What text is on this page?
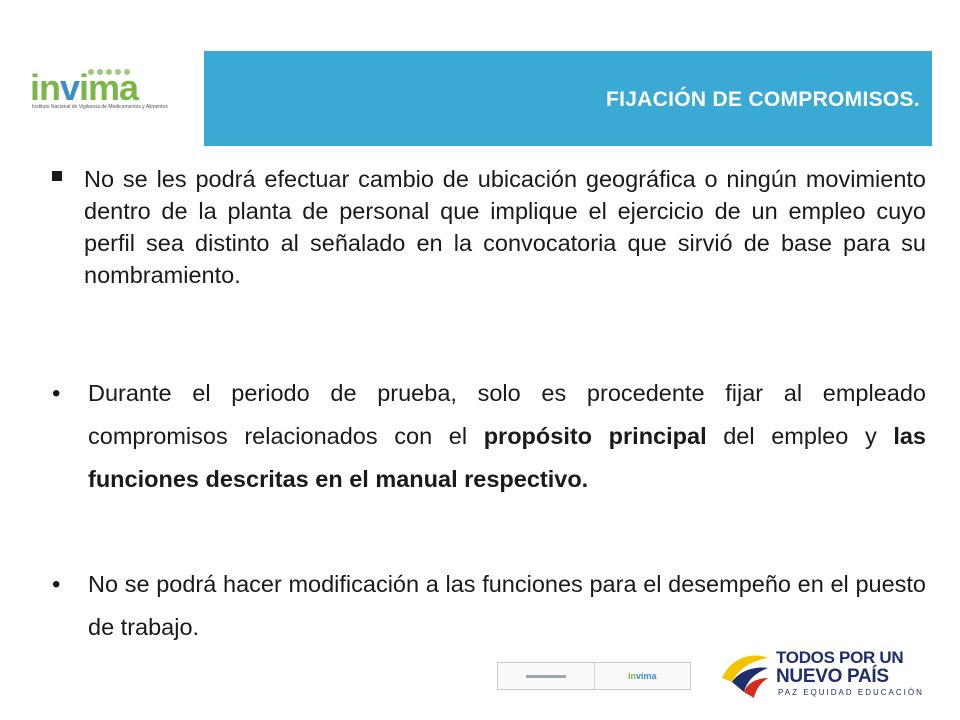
invima
Instituto Nacional de Vigilancia de Medicamentos y Alimentos	FIJACIÓN DE COMPROMISOS.
No se les podrá efectuar cambio de ubicación geográfica o ningún movimiento dentro de la planta de personal que implique el ejercicio de un empleo cuyo perfil sea distinto al señalado en la convocatoria que sirvió de base para su nombramiento.
• Durante el periodo de prueba, solo es procedente fijar al empleado compromisos relacionados con el propósito principal del empleo y las funciones descritas en el manual respectivo.
• No se podrá hacer modificación a las funciones para el desempeño en el puesto de trabajo.
invima
TODOS POR UN
NUEVO PAÍS
PAZ EQUIDAD EDUCACIÓN
